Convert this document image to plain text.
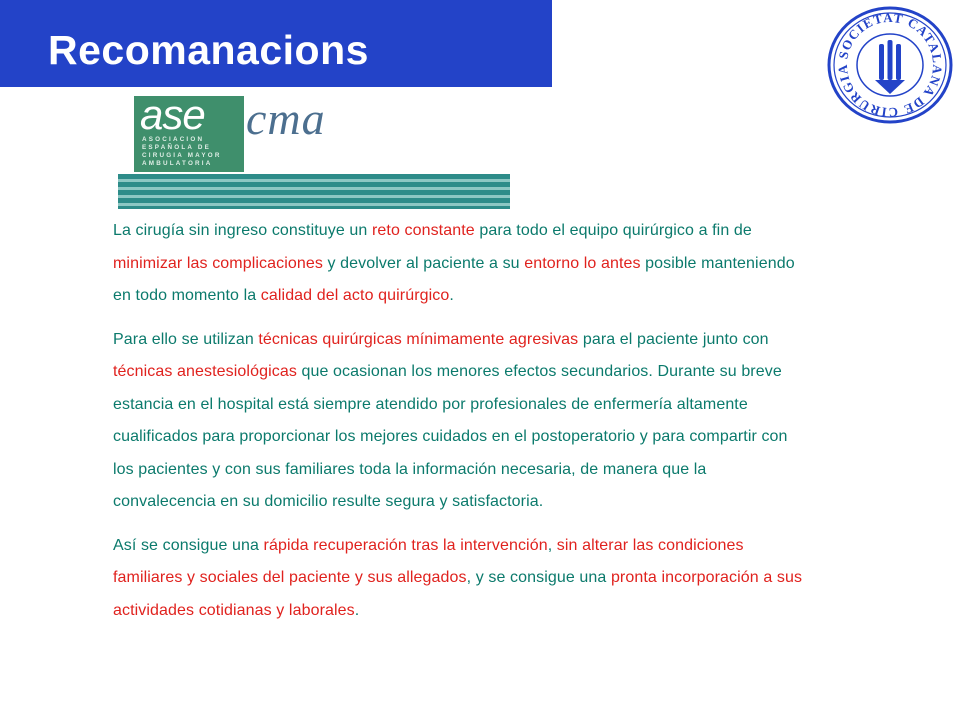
Recomanacions	SOCIETAT CATALANA DE CIRURGIA
ase
ASOCIACION
ESPAÑOLA DE
CIRUGIA MAYOR
AMBULATORIA
cma

La cirugía sin ingreso constituye un reto constante para todo el equipo quirúrgico a fin de minimizar las complicaciones y devolver al paciente a su entorno lo antes posible manteniendo en todo momento la calidad del acto quirúrgico.

Para ello se utilizan técnicas quirúrgicas mínimamente agresivas para el paciente junto con técnicas anestesiológicas que ocasionan los menores efectos secundarios. Durante su breve estancia en el hospital está siempre atendido por profesionales de enfermería altamente cualificados para proporcionar los mejores cuidados en el postoperatorio y para compartir con los pacientes y con sus familiares toda la información necesaria, de manera que la convalecencia en su domicilio resulte segura y satisfactoria.

Así se consigue una rápida recuperación tras la intervención, sin alterar las condiciones familiares y sociales del paciente y sus allegados, y se consigue una pronta incorporación a sus actividades cotidianas y laborales.
